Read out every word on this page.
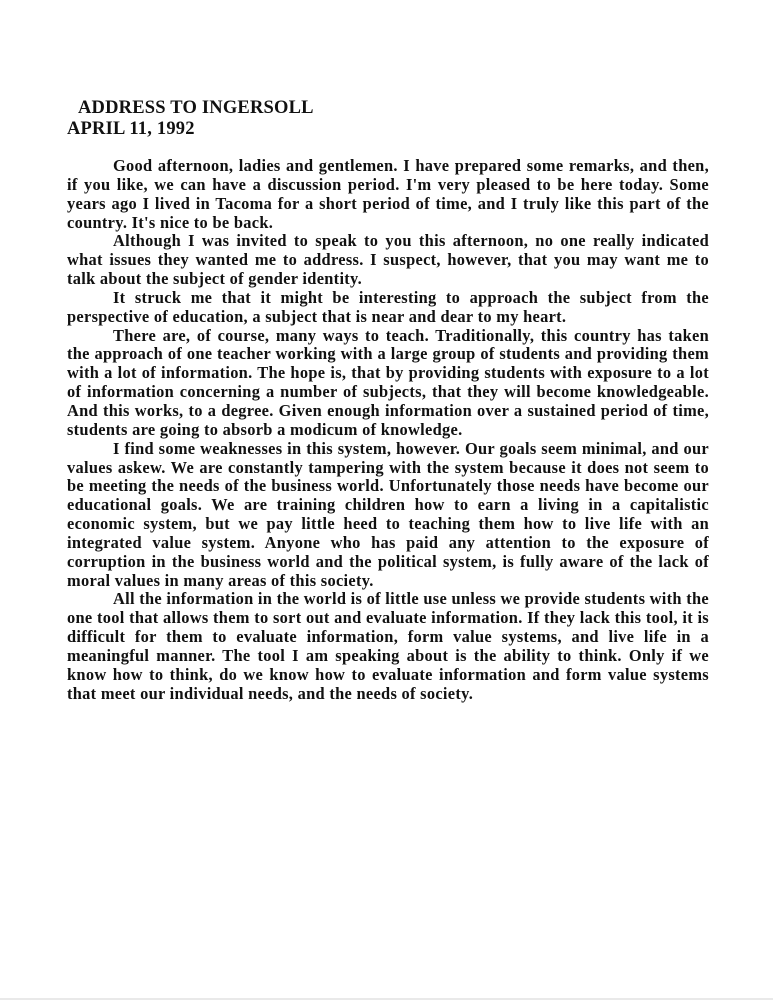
ADDRESS TO INGERSOLL
APRIL 11, 1992

Good afternoon, ladies and gentlemen. I have prepared some remarks, and then, if you like, we can have a discussion period. I'm very pleased to be here today. Some years ago I lived in Tacoma for a short period of time, and I truly like this part of the country. It's nice to be back.

Although I was invited to speak to you this afternoon, no one really indicated what issues they wanted me to address. I suspect, however, that you may want me to talk about the subject of gender identity.

It struck me that it might be interesting to approach the subject from the perspective of education, a subject that is near and dear to my heart.

There are, of course, many ways to teach. Traditionally, this country has taken the approach of one teacher working with a large group of students and providing them with a lot of information. The hope is, that by providing students with exposure to a lot of information concerning a number of subjects, that they will become knowledgeable. And this works, to a degree. Given enough information over a sustained period of time, students are going to absorb a modicum of knowledge.

I find some weaknesses in this system, however. Our goals seem minimal, and our values askew. We are constantly tampering with the system because it does not seem to be meeting the needs of the business world. Unfortunately those needs have become our educational goals. We are training children how to earn a living in a capitalistic economic system, but we pay little heed to teaching them how to live life with an integrated value system. Anyone who has paid any attention to the exposure of corruption in the business world and the political system, is fully aware of the lack of moral values in many areas of this society.

All the information in the world is of little use unless we provide students with the one tool that allows them to sort out and evaluate information. If they lack this tool, it is difficult for them to evaluate information, form value systems, and live life in a meaningful manner. The tool I am speaking about is the ability to think. Only if we know how to think, do we know how to evaluate information and form value systems that meet our individual needs, and the needs of society.
